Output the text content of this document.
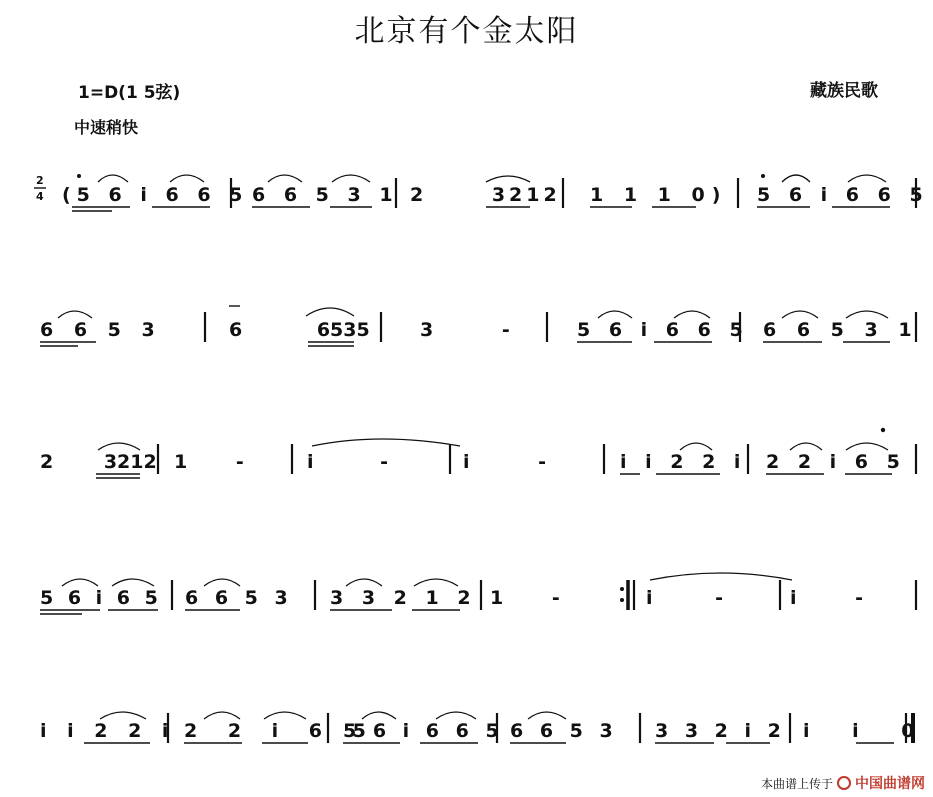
北京有个金太阳
1=D(1 5弦)
中速稍快
藏族民歌
2
4 (5 6 i 6 6 5 6 6 5 3 1 2 3212 1 1 1 0) 5 6 i 6 6 5
6 6 5 3	6 6535	3 -	5 6 i 6 6 5 6 6 5 3 1
2 3212 1 -	i -	i -	i i 2 2 i 2 2 i 6 5
5 6 i 6 5 6 6 5 3 3 3 2 1 2 1 -	i -	i -
i i 2 2 i 2 2 i 6 5
5 6 i 6 6 5 6 6 5 3 3 3 2 i 2 i i 0
本曲谱上传于 中国曲谱网
